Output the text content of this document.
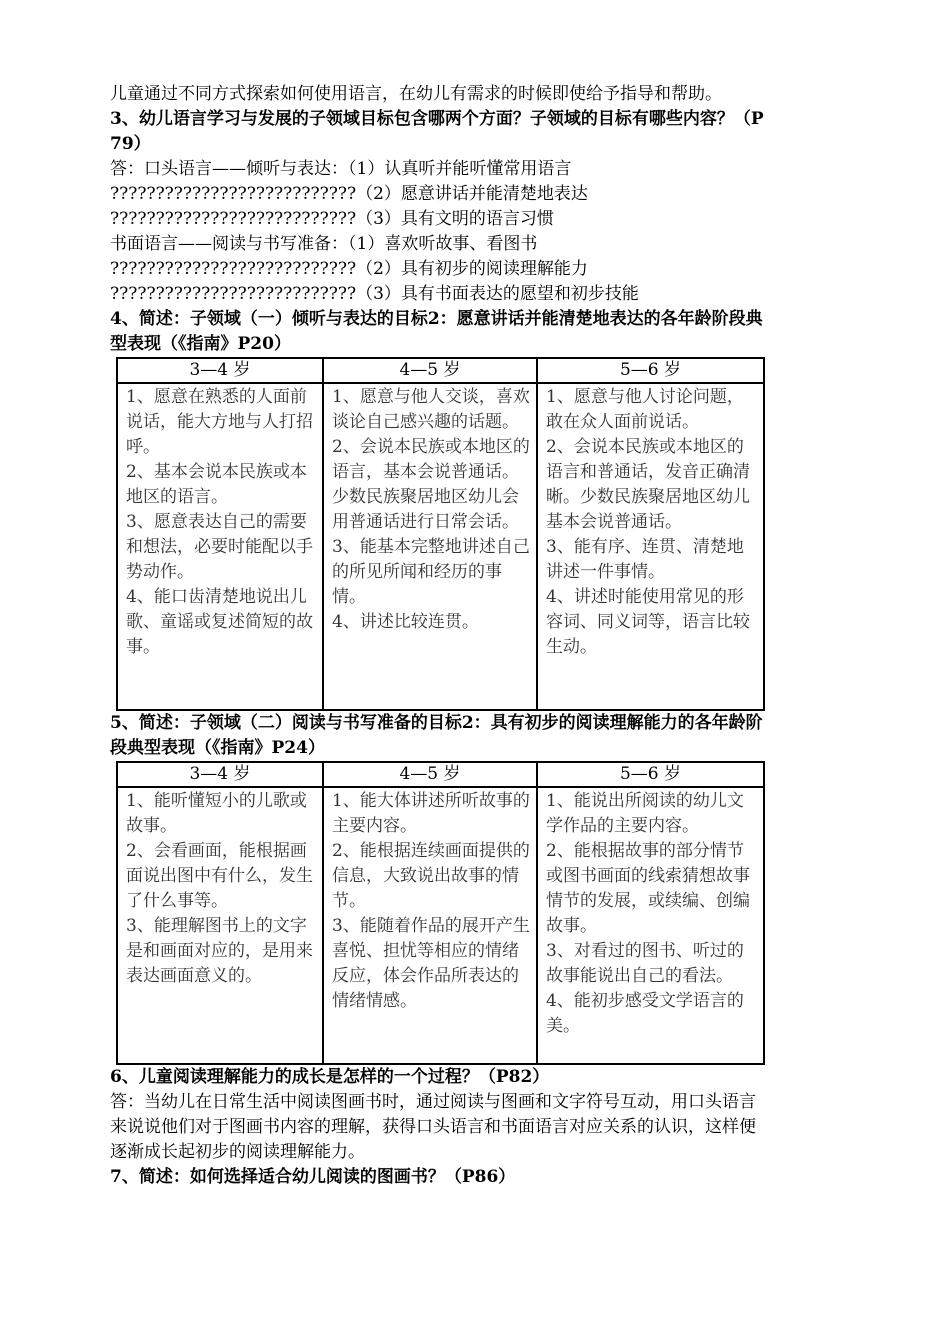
儿童通过不同方式探索如何使用语言，在幼儿有需求的时候即使给予指导和帮助。

3、幼儿语言学习与发展的子领域目标包含哪两个方面？子领域的目标有哪些内容？（P79）

答：口头语言——倾听与表达：（1）认真听并能听懂常用语言

???????????????????????????（2）愿意讲话并能清楚地表达

???????????????????????????（3）具有文明的语言习惯

书面语言——阅读与书写准备：（1）喜欢听故事、看图书

???????????????????????????（2）具有初步的阅读理解能力

???????????????????????????（3）具有书面表达的愿望和初步技能

4、简述：子领域（一）倾听与表达的目标2：愿意讲话并能清楚地表达的各年龄阶段典型表现（《指南》P20）

3—4 岁	4—5 岁	5—6 岁

1、愿意在熟悉的人面前说话，能大方地与人打招呼。
2、基本会说本民族或本地区的语言。
3、愿意表达自己的需要和想法，必要时能配以手势动作。
4、能口齿清楚地说出儿歌、童谣或复述简短的故事。	1、愿意与他人交谈，喜欢谈论自己感兴趣的话题。
2、会说本民族或本地区的语言，基本会说普通话。少数民族聚居地区幼儿会用普通话进行日常会话。
3、能基本完整地讲述自己的所见所闻和经历的事情。
4、讲述比较连贯。	1、愿意与他人讨论问题，敢在众人面前说话。
2、会说本民族或本地区的语言和普通话，发音正确清晰。少数民族聚居地区幼儿基本会说普通话。
3、能有序、连贯、清楚地讲述一件事情。
4、讲述时能使用常见的形容词、同义词等，语言比较生动。

5、简述：子领域（二）阅读与书写准备的目标2：具有初步的阅读理解能力的各年龄阶段典型表现（《指南》P24）

3—4 岁	4—5 岁	5—6 岁

1、能听懂短小的儿歌或故事。
2、会看画面，能根据画面说出图中有什么，发生了什么事等。
3、能理解图书上的文字是和画面对应的，是用来表达画面意义的。	1、能大体讲述所听故事的主要内容。
2、能根据连续画面提供的信息，大致说出故事的情节。
3、能随着作品的展开产生喜悦、担忧等相应的情绪反应，体会作品所表达的情绪情感。	1、能说出所阅读的幼儿文学作品的主要内容。
2、能根据故事的部分情节或图书画面的线索猜想故事情节的发展，或续编、创编故事。
3、对看过的图书、听过的故事能说出自己的看法。
4、能初步感受文学语言的美。

6、儿童阅读理解能力的成长是怎样的一个过程？（P82）

答：当幼儿在日常生活中阅读图画书时，通过阅读与图画和文字符号互动，用口头语言来说说他们对于图画书内容的理解，获得口头语言和书面语言对应关系的认识，这样便逐渐成长起初步的阅读理解能力。

7、简述：如何选择适合幼儿阅读的图画书？（P86）
